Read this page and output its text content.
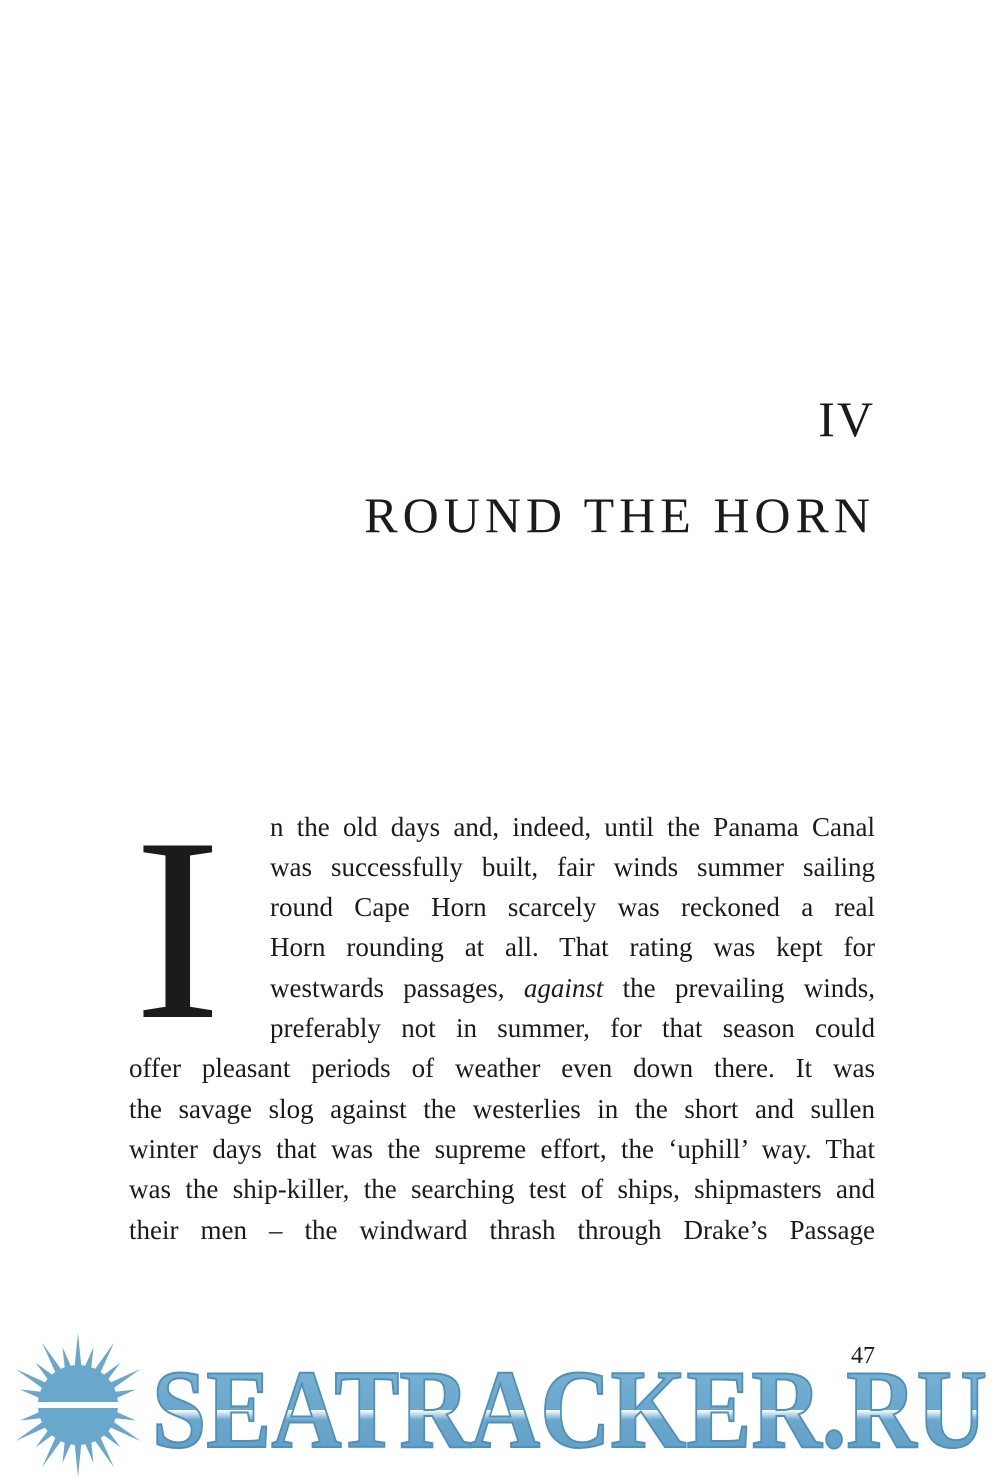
IV
ROUND THE HORN
I n the old days and, indeed, until the Panama Canal
was successfully built, fair winds summer sailing
round Cape Horn scarcely was reckoned a real
Horn rounding at all. That rating was kept for
westwards passages, against the prevailing winds,
preferably not in summer, for that season could
offer pleasant periods of weather even down there. It was
the savage slog against the westerlies in the short and sullen
winter days that was the supreme effort, the ‘uphill’ way. That
was the ship-killer, the searching test of ships, shipmasters and
their men – the windward thrash through Drake’s Passage
SEATRACKER.RU
47
